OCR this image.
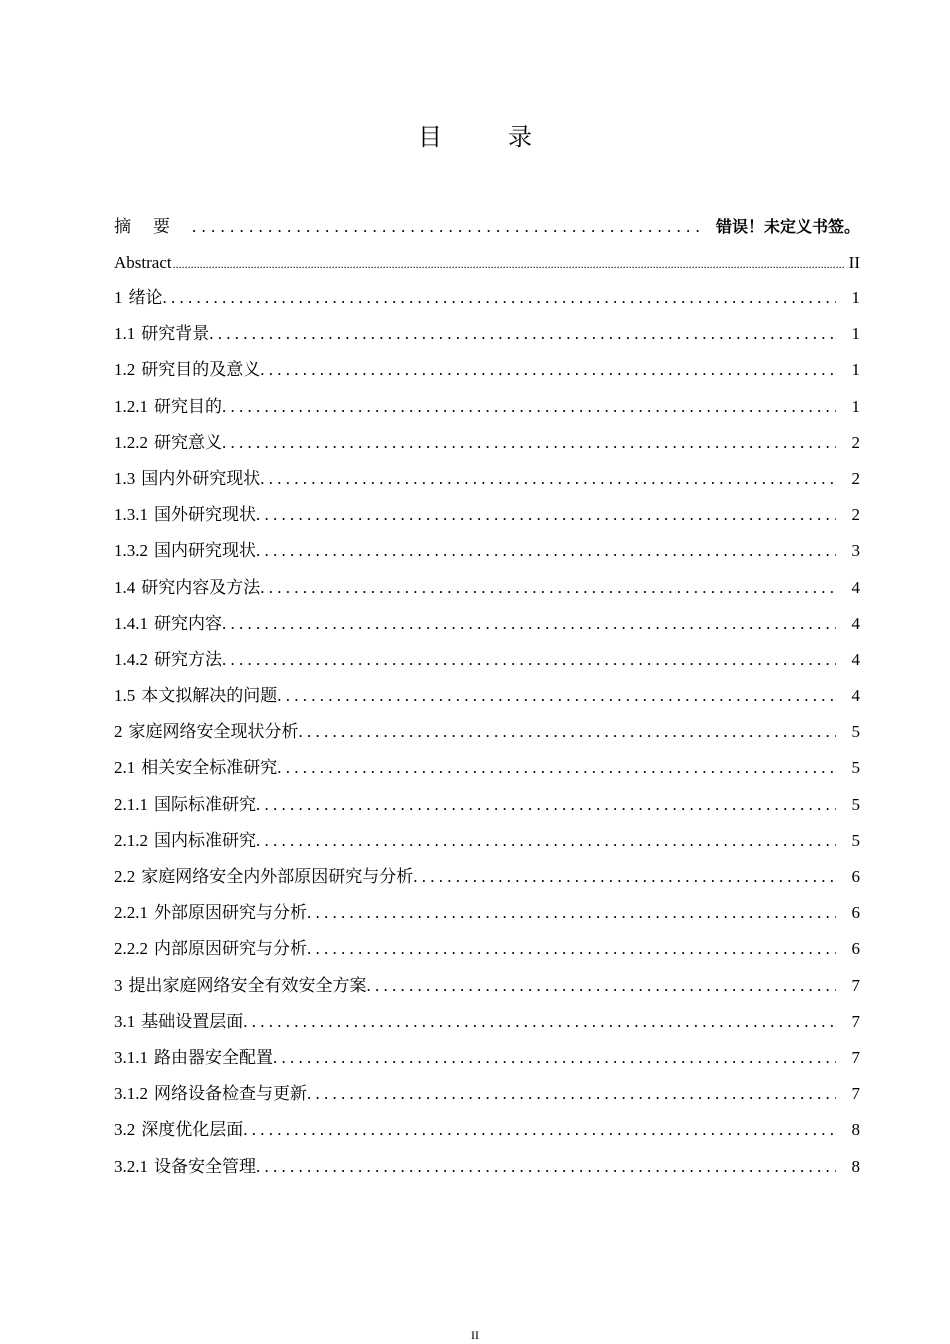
目 录
摘要 . . .	错误！未定义书签。
Abstract .....	II
1 绪论 . . .	1
1.1 研究背景 . . .	1
1.2 研究目的及意义 . . .	1
1.2.1 研究目的 . . .	1
1.2.2 研究意义 . . .	2
1.3 国内外研究现状 . . .	2
1.3.1 国外研究现状 . . .	2
1.3.2 国内研究现状 . . .	3
1.4 研究内容及方法 . . .	4
1.4.1 研究内容 . . .	4
1.4.2 研究方法 . . .	4
1.5 本文拟解决的问题 . . .	4
2 家庭网络安全现状分析 . . .	5
2.1 相关安全标准研究 . . .	5
2.1.1 国际标准研究 . . .	5
2.1.2 国内标准研究 . . .	5
2.2 家庭网络安全内外部原因研究与分析 . . .	6
2.2.1 外部原因研究与分析 . . .	6
2.2.2 内部原因研究与分析 . . .	6
3 提出家庭网络安全有效安全方案 . . .	7
3.1 基础设置层面 . . .	7
3.1.1 路由器安全配置 . . .	7
3.1.2 网络设备检查与更新 . . .	7
3.2 深度优化层面 . . .	8
3.2.1 设备安全管理 . . .	8
II
